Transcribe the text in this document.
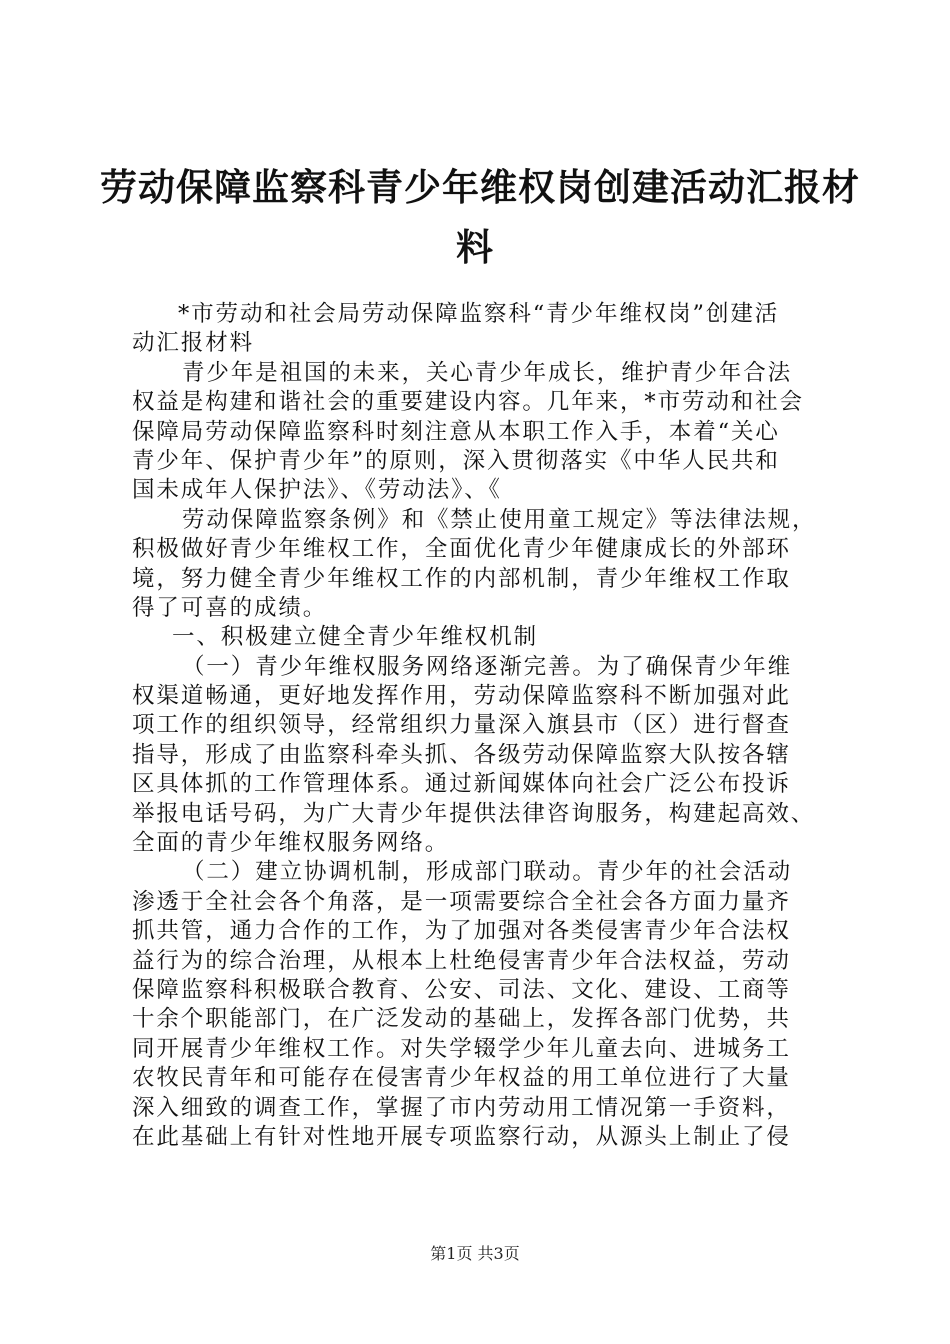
劳动保障监察科青少年维权岗创建活动汇报材
料
*市劳动和社会局劳动保障监察科“青少年维权岗”创建活
动汇报材料
青少年是祖国的未来，关心青少年成长，维护青少年合法
权益是构建和谐社会的重要建设内容。几年来，*市劳动和社会
保障局劳动保障监察科时刻注意从本职工作入手，本着“关心
青少年、保护青少年”的原则，深入贯彻落实《中华人民共和
国未成年人保护法》、《劳动法》、《
劳动保障监察条例》和《禁止使用童工规定》等法律法规，
积极做好青少年维权工作，全面优化青少年健康成长的外部环
境，努力健全青少年维权工作的内部机制，青少年维权工作取
得了可喜的成绩。
一、积极建立健全青少年维权机制
（一）青少年维权服务网络逐渐完善。为了确保青少年维
权渠道畅通，更好地发挥作用，劳动保障监察科不断加强对此
项工作的组织领导，经常组织力量深入旗县市（区）进行督查
指导，形成了由监察科牵头抓、各级劳动保障监察大队按各辖
区具体抓的工作管理体系。通过新闻媒体向社会广泛公布投诉
举报电话号码，为广大青少年提供法律咨询服务，构建起高效、
全面的青少年维权服务网络。
（二）建立协调机制，形成部门联动。青少年的社会活动
渗透于全社会各个角落，是一项需要综合全社会各方面力量齐
抓共管，通力合作的工作，为了加强对各类侵害青少年合法权
益行为的综合治理，从根本上杜绝侵害青少年合法权益，劳动
保障监察科积极联合教育、公安、司法、文化、建设、工商等
十余个职能部门，在广泛发动的基础上，发挥各部门优势，共
同开展青少年维权工作。对失学辍学少年儿童去向、进城务工
农牧民青年和可能存在侵害青少年权益的用工单位进行了大量
深入细致的调查工作，掌握了市内劳动用工情况第一手资料，
在此基础上有针对性地开展专项监察行动，从源头上制止了侵
第1页 共3页
